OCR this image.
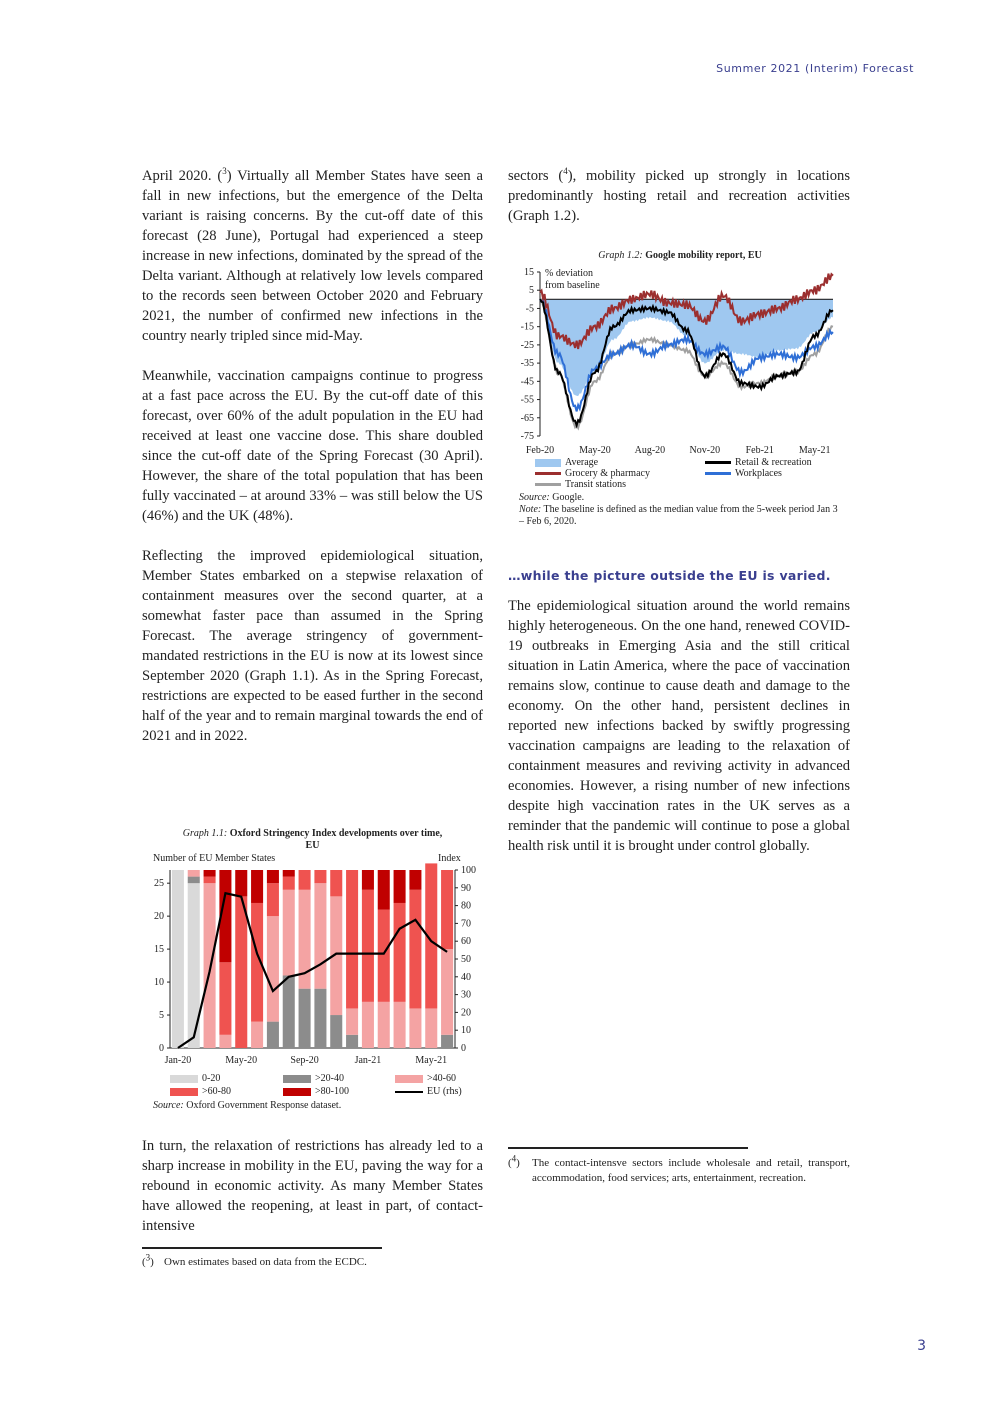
Summer 2021 (Interim) Forecast

April 2020. ($^3$) Virtually all Member States have seen a fall in new infections, but the emergence of the Delta variant is raising concerns. By the cut-off date of this forecast (28 June), Portugal had experienced a steep increase in new infections, dominated by the spread of the Delta variant. Although at relatively low levels compared to the records seen between October 2020 and February 2021, the number of confirmed new infections in the country nearly tripled since mid-May.

Meanwhile, vaccination campaigns continue to progress at a fast pace across the EU. By the cut-off date of this forecast, over 60% of the adult population in the EU had received at least one vaccine dose. This share doubled since the cut-off date of the Spring Forecast (30 April). However, the share of the total population that has been fully vaccinated – at around 33% – was still below the US (46%) and the UK (48%).

Reflecting the improved epidemiological situation, Member States embarked on a stepwise relaxation of containment measures over the second quarter, at a somewhat faster pace than assumed in the Spring Forecast. The average stringency of government-mandated restrictions in the EU is now at its lowest since September 2020 (Graph 1.1). As in the Spring Forecast, restrictions are expected to be eased further in the second half of the year and to remain marginal towards the end of 2021 and in 2022.

In turn, the relaxation of restrictions has already led to a sharp increase in mobility in the EU, paving the way for a rebound in economic activity. As many Member States have allowed the reopening, at least in part, of contact-intensive

($^3$) Own estimates based on data from the ECDC.
Graph 1.1: Oxford Stringency Index developments over time, EU
Number of EU Member States	Index
0
5
10
15
20
25
0
10
20
30
40
50
60
70
80
90
100
Jan-20	May-20	Sep-20	Jan-21	May-21
0-20	>20-40	>40-60
>60-80	>80-100	EU (rhs)
Source: Oxford Government Response dataset.

sectors ($^4$), mobility picked up strongly in locations predominantly hosting retail and recreation activities (Graph 1.2).

Graph 1.2: Google mobility report, EU
% deviation
from baseline
15
5
-5
-15
-25
-35
-45
-55
-65
-75
Feb-20 May-20 Aug-20 Nov-20	Feb-21 May-21
Average	Retail & recreation
Grocery & pharmacy	Workplaces
Transit stations
Source: Google.
Note: The baseline is defined as the median value from the 5-week period Jan 3 – Feb 6, 2020.
…while the picture outside the EU is varied.

The epidemiological situation around the world remains highly heterogeneous. On the one hand, renewed COVID-19 outbreaks in Emerging Asia and the still critical situation in Latin America, where the pace of vaccination remains slow, continue to cause death and damage to the economy. On the other hand, persistent declines in reported new infections backed by swiftly progressing vaccination campaigns are leading to the relaxation of containment measures and reviving activity in advanced economies. However, a rising number of new infections despite high vaccination rates in the UK serves as a reminder that the pandemic will continue to pose a global health risk until it is brought under control globally.

($^4$)	The contact-intensve sectors include wholesale and retail, transport, accommodation, food services; arts, entertainment, recreation.
3
